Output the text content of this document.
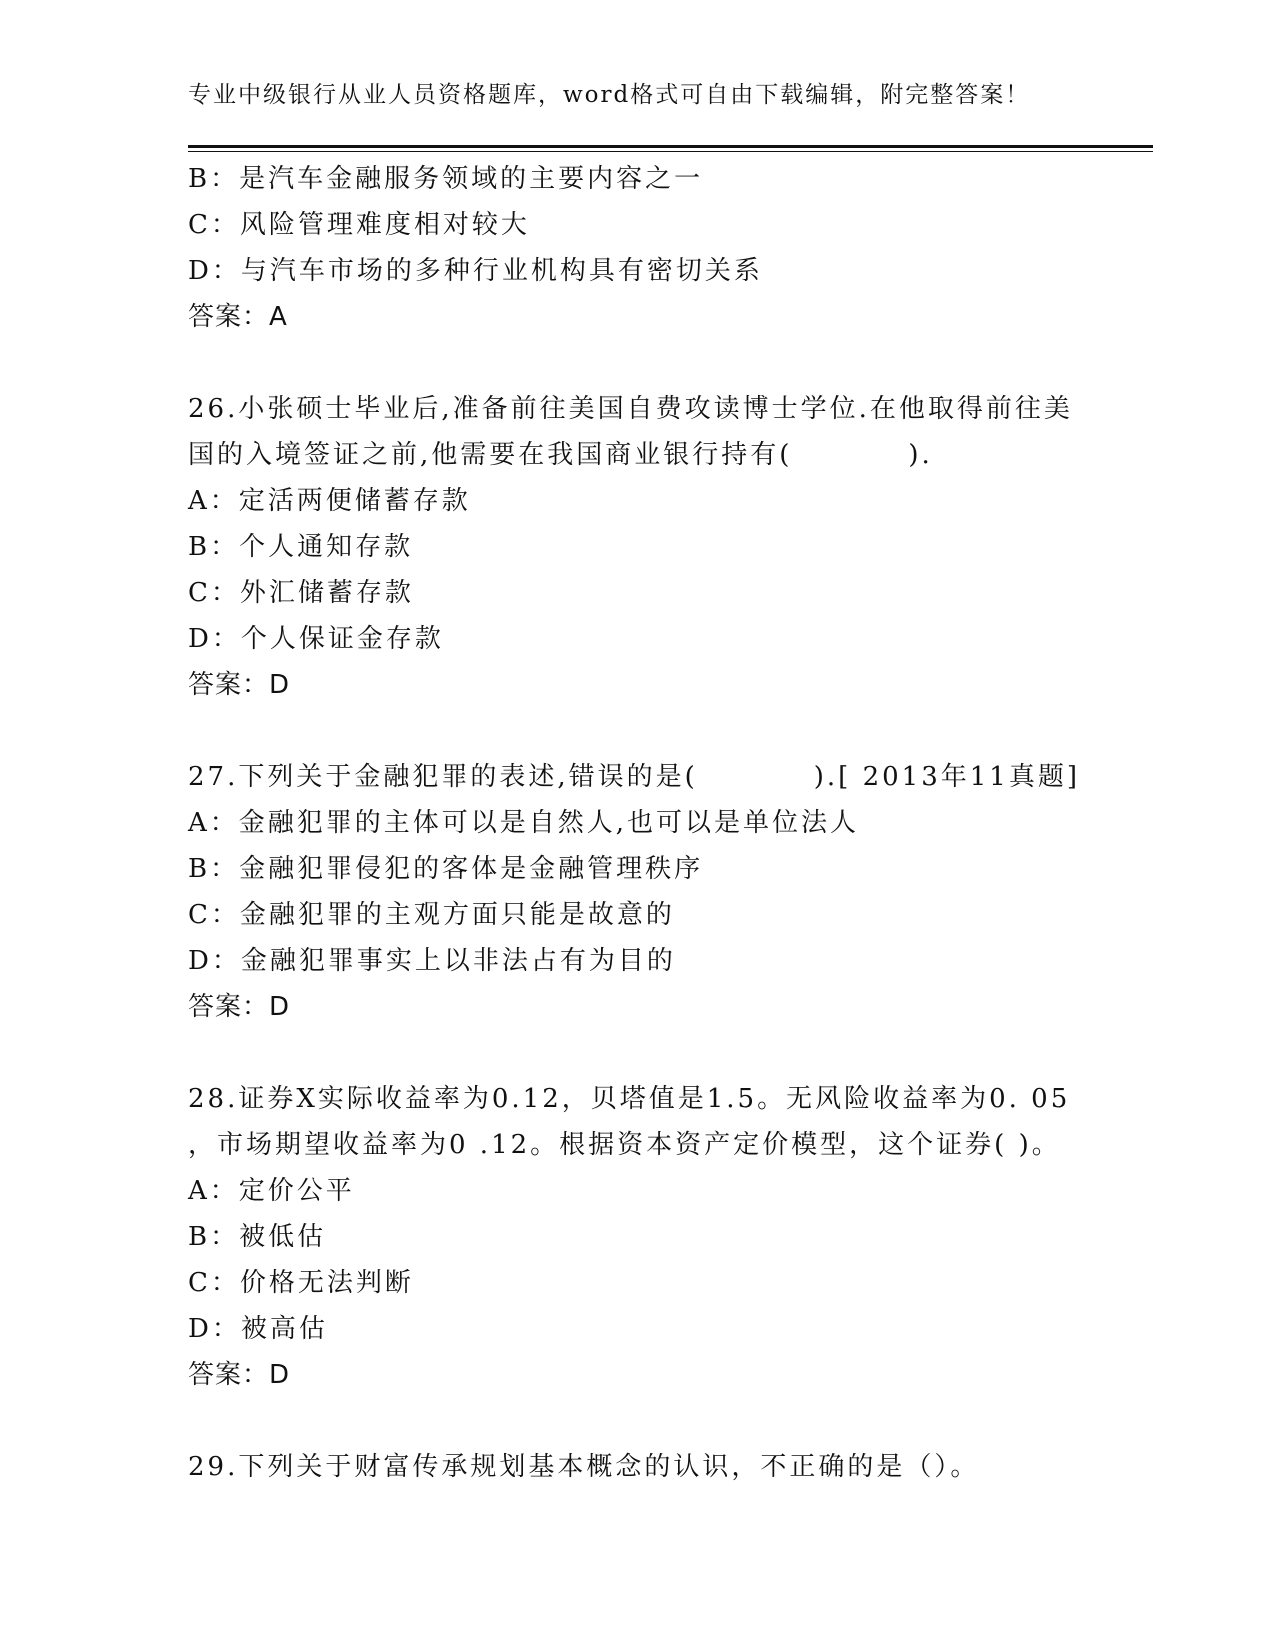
专业中级银行从业人员资格题库，word格式可自由下载编辑，附完整答案！
B：是汽车金融服务领域的主要内容之一
C：风险管理难度相对较大
D：与汽车市场的多种行业机构具有密切关系
答案：A
26.小张硕士毕业后,准备前往美国自费攻读博士学位.在他取得前往美
国的入境签证之前,他需要在我国商业银行持有(　　　　).
A：定活两便储蓄存款
B：个人通知存款
C：外汇储蓄存款
D：个人保证金存款
答案：D
27.下列关于金融犯罪的表述,错误的是(　　　　).[ 2013年11真题]
A：金融犯罪的主体可以是自然人,也可以是单位法人
B：金融犯罪侵犯的客体是金融管理秩序
C：金融犯罪的主观方面只能是故意的
D：金融犯罪事实上以非法占有为目的
答案：D
28.证券X实际收益率为0.12，贝塔值是1.5。无风险收益率为0. 05
，市场期望收益率为0 .12。根据资本资产定价模型，这个证券( )。
A：定价公平
B：被低估
C：价格无法判断
D：被高估
答案：D
29.下列关于财富传承规划基本概念的认识，不正确的是（）。
